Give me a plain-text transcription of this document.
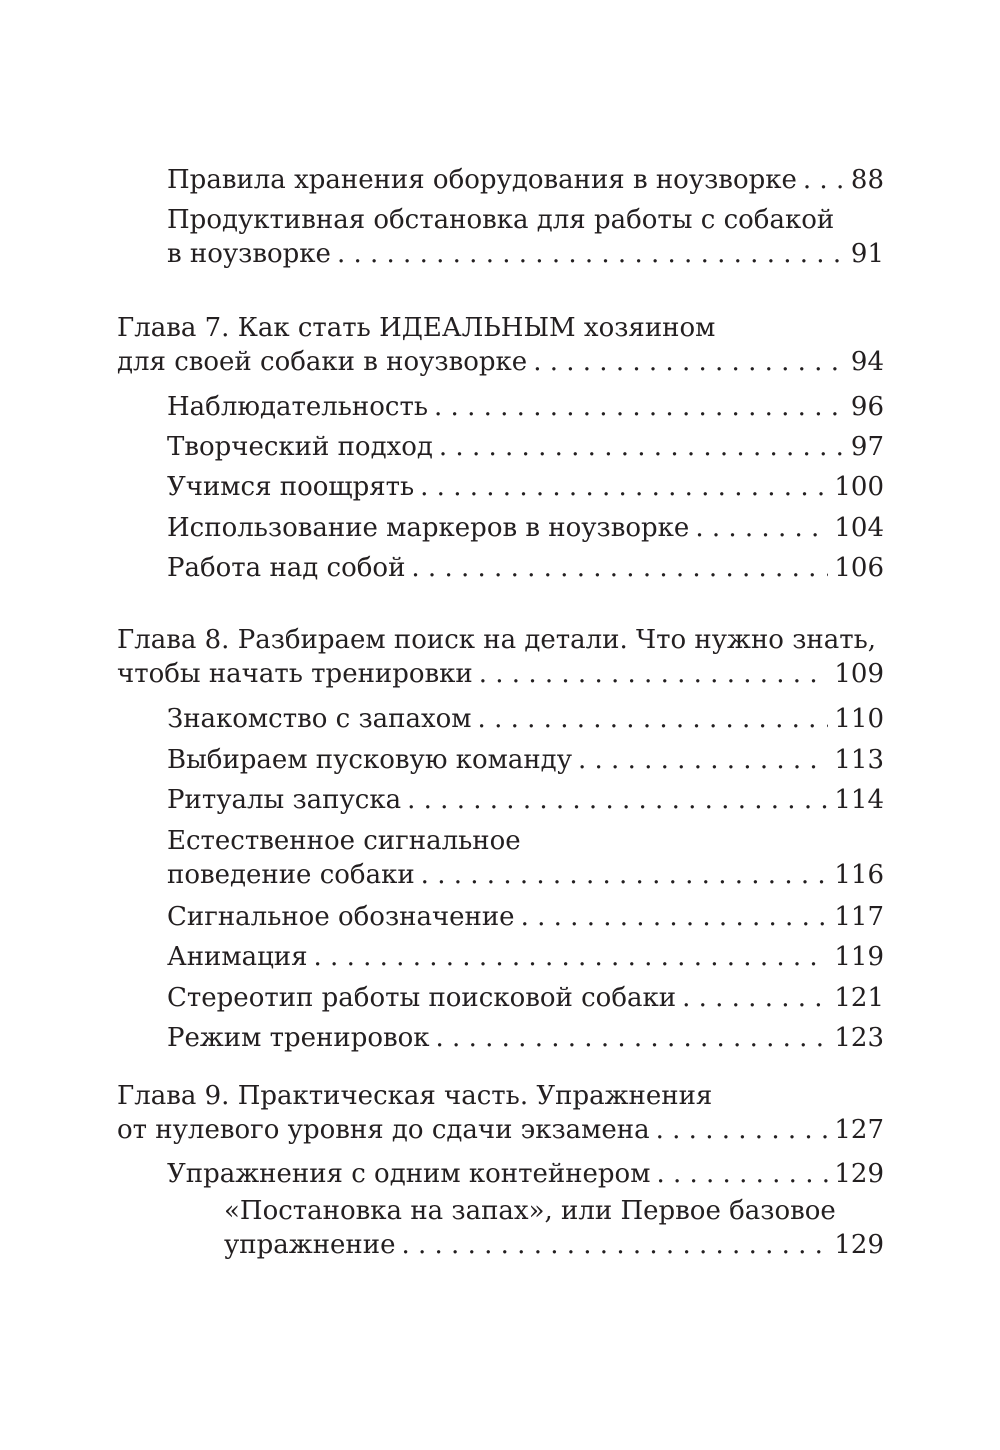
Правила хранения оборудования в ноузворке . . . 88
Продуктивная обстановка для работы с собакой
в ноузворке . . .	91
Глава 7. Как стать ИДЕАЛЬНЫМ хозяином
для своей собаки в ноузворке . . .	94
Наблюдательность . . .	96
Творческий подход . . .	97
Учимся поощрять . . .	100
Использование маркеров в ноузворке . . .	104
Работа над собой . . .	106
Глава 8. Разбираем поиск на детали. Что нужно знать,
чтобы начать тренировки . . .	109
Знакомство с запахом . . .	110
Выбираем пусковую команду . . .	113
Ритуалы запуска . . .	114
Естественное сигнальное
поведение собаки . . .	116
Сигнальное обозначение . . .	117
Анимация . . .	119
Стереотип работы поисковой собаки . . .	121
Режим тренировок . . .	123
Глава 9. Практическая часть. Упражнения
от нулевого уровня до сдачи экзамена . . .	127
Упражнения с одним контейнером . . .	129
«Постановка на запах», или Первое базовое
упражнение . . .	129
